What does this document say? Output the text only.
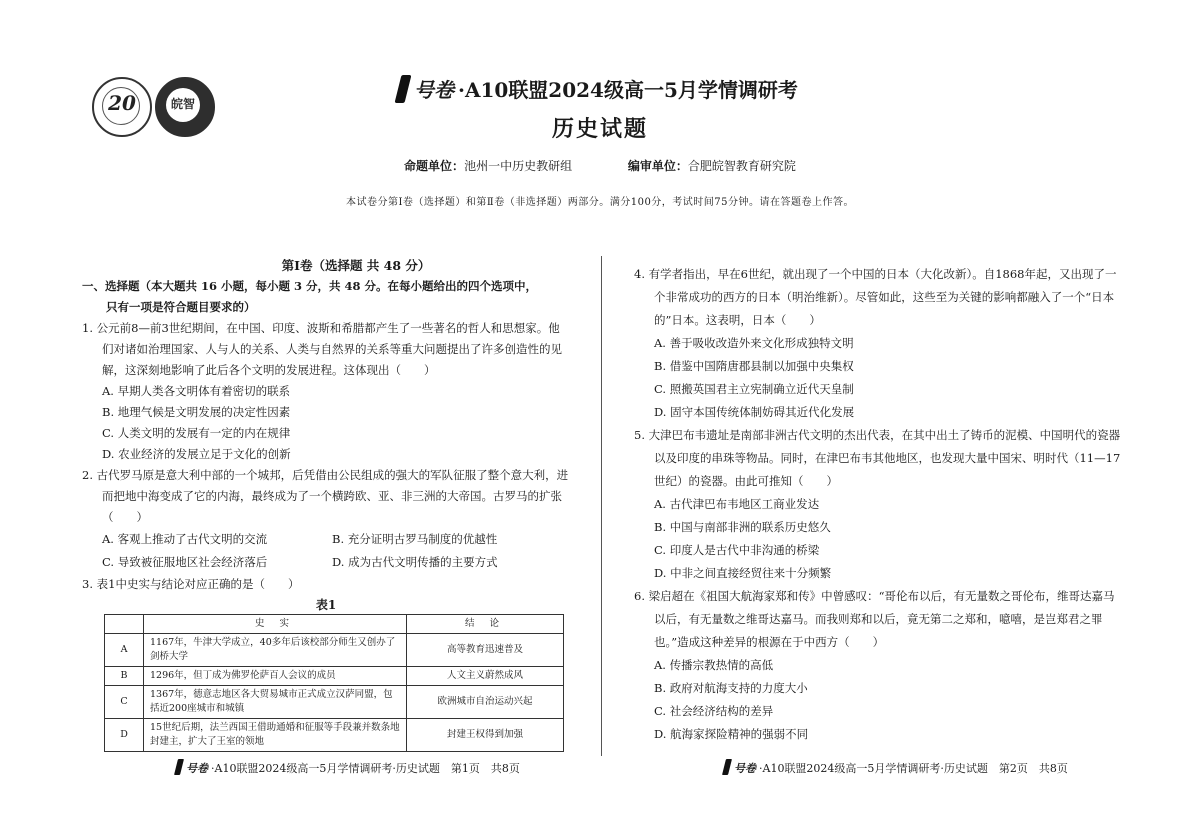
20	皖智
号卷 ·A10联盟2024级高一5月学情调研考
历史试题
命题单位：池州一中历史教研组	编审单位：合肥皖智教育研究院
本试卷分第Ⅰ卷（选择题）和第Ⅱ卷（非选择题）两部分。满分100分，考试时间75分钟。请在答题卷上作答。
第Ⅰ卷（选择题 共 48 分）
一、选择题（本大题共 16 小题，每小题 3 分，共 48 分。在每小题给出的四个选项中，
只有一项是符合题目要求的）
1. 公元前8—前3世纪期间，在中国、印度、波斯和希腊都产生了一些著名的哲人和思想家。他们对诸如治理国家、人与人的关系、人类与自然界的关系等重大问题提出了许多创造性的见解，这深刻地影响了此后各个文明的发展进程。这体现出（　　）
A. 早期人类各文明体有着密切的联系
B. 地理气候是文明发展的决定性因素
C. 人类文明的发展有一定的内在规律
D. 农业经济的发展立足于文化的创新
2. 古代罗马原是意大利中部的一个城邦，后凭借由公民组成的强大的军队征服了整个意大利，进而把地中海变成了它的内海，最终成为了一个横跨欧、亚、非三洲的大帝国。古罗马的扩张（　　）
A. 客观上推动了古代文明的交流	B. 充分证明古罗马制度的优越性
C. 导致被征服地区社会经济落后	D. 成为古代文明传播的主要方式
3. 表1中史实与结论对应正确的是（　　）
表1
	史 实	结 论
A	1167年，牛津大学成立，40多年后该校部分师生又创办了剑桥大学	高等教育迅速普及
B	1296年，但丁成为佛罗伦萨百人会议的成员	人文主义蔚然成风
C	1367年，德意志地区各大贸易城市正式成立汉萨同盟，包括近200座城市和城镇	欧洲城市自治运动兴起
D	15世纪后期，法兰西国王借助通婚和征服等手段兼并数条地封建主，扩大了王室的领地	封建王权得到加强
4. 有学者指出，早在6世纪，就出现了一个中国的日本（大化改新）。自1868年起，又出现了一个非常成功的西方的日本（明治维新）。尽管如此，这些至为关键的影响都融入了一个“日本的”日本。这表明，日本（　　）
A. 善于吸收改造外来文化形成独特文明
B. 借鉴中国隋唐郡县制以加强中央集权
C. 照搬英国君主立宪制确立近代天皇制
D. 固守本国传统体制妨碍其近代化发展
5. 大津巴布韦遗址是南部非洲古代文明的杰出代表，在其中出土了铸币的泥模、中国明代的瓷器以及印度的串珠等物品。同时，在津巴布韦其他地区，也发现大量中国宋、明时代（11—17世纪）的瓷器。由此可推知（　　）
A. 古代津巴布韦地区工商业发达
B. 中国与南部非洲的联系历史悠久
C. 印度人是古代中非沟通的桥梁
D. 中非之间直接经贸往来十分频繁
6. 梁启超在《祖国大航海家郑和传》中曾感叹：“哥伦布以后，有无量数之哥伦布，维哥达嘉马以后，有无量数之维哥达嘉马。而我则郑和以后，竟无第二之郑和，噫嘻，是岂郑君之罪也。”造成这种差异的根源在于中西方（　　）
A. 传播宗教热情的高低
B. 政府对航海支持的力度大小
C. 社会经济结构的差异
D. 航海家探险精神的强弱不同
号卷 ·A10联盟2024级高一5月学情调研考·历史试题　第1页　共8页	号卷 ·A10联盟2024级高一5月学情调研考·历史试题　第2页　共8页
